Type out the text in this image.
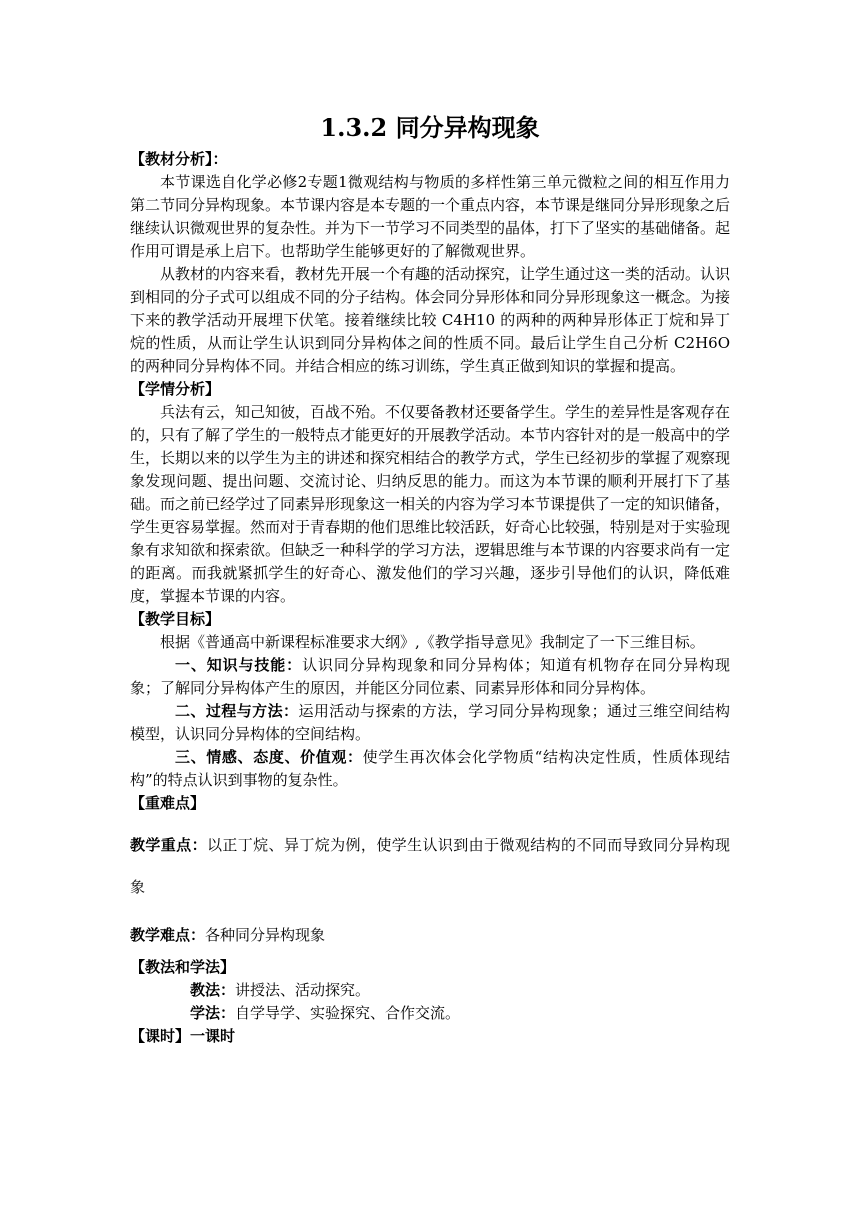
1.3.2 同分异构现象

【教材分析】：

本节课选自化学必修2专题1微观结构与物质的多样性第三单元微粒之间的相互作用力第二节同分异构现象。本节课内容是本专题的一个重点内容，本节课是继同分异形现象之后继续认识微观世界的复杂性。并为下一节学习不同类型的晶体，打下了坚实的基础储备。起作用可谓是承上启下。也帮助学生能够更好的了解微观世界。

从教材的内容来看，教材先开展一个有趣的活动探究，让学生通过这一类的活动。认识到相同的分子式可以组成不同的分子结构。体会同分异形体和同分异形现象这一概念。为接下来的教学活动开展埋下伏笔。接着继续比较 C4H10 的两种的两种异形体正丁烷和异丁烷的性质，从而让学生认识到同分异构体之间的性质不同。最后让学生自己分析 C2H6O 的两种同分异构体不同。并结合相应的练习训练，学生真正做到知识的掌握和提高。

【学情分析】

兵法有云，知己知彼，百战不殆。不仅要备教材还要备学生。学生的差异性是客观存在的，只有了解了学生的一般特点才能更好的开展教学活动。本节内容针对的是一般高中的学生，长期以来的以学生为主的讲述和探究相结合的教学方式，学生已经初步的掌握了观察现象发现问题、提出问题、交流讨论、归纳反思的能力。而这为本节课的顺利开展打下了基础。而之前已经学过了同素异形现象这一相关的内容为学习本节课提供了一定的知识储备，学生更容易掌握。然而对于青春期的他们思维比较活跃，好奇心比较强，特别是对于实验现象有求知欲和探索欲。但缺乏一种科学的学习方法，逻辑思维与本节课的内容要求尚有一定的距离。而我就紧抓学生的好奇心、激发他们的学习兴趣，逐步引导他们的认识，降低难度，掌握本节课的内容。

【教学目标】

根据《普通高中新课程标准要求大纲》,《教学指导意见》我制定了一下三维目标。

一、知识与技能：认识同分异构现象和同分异构体；知道有机物存在同分异构现象；了解同分异构体产生的原因，并能区分同位素、同素异形体和同分异构体。

二、过程与方法：运用活动与探索的方法，学习同分异构现象；通过三维空间结构模型，认识同分异构体的空间结构。

三、情感、态度、价值观：使学生再次体会化学物质“结构决定性质，性质体现结构”的特点认识到事物的复杂性。

【重难点】

教学重点：以正丁烷、异丁烷为例，使学生认识到由于微观结构的不同而导致同分异构现象

教学难点：各种同分异构现象

【教法和学法】

教法：讲授法、活动探究。

学法：自学导学、实验探究、合作交流。

【课时】一课时
